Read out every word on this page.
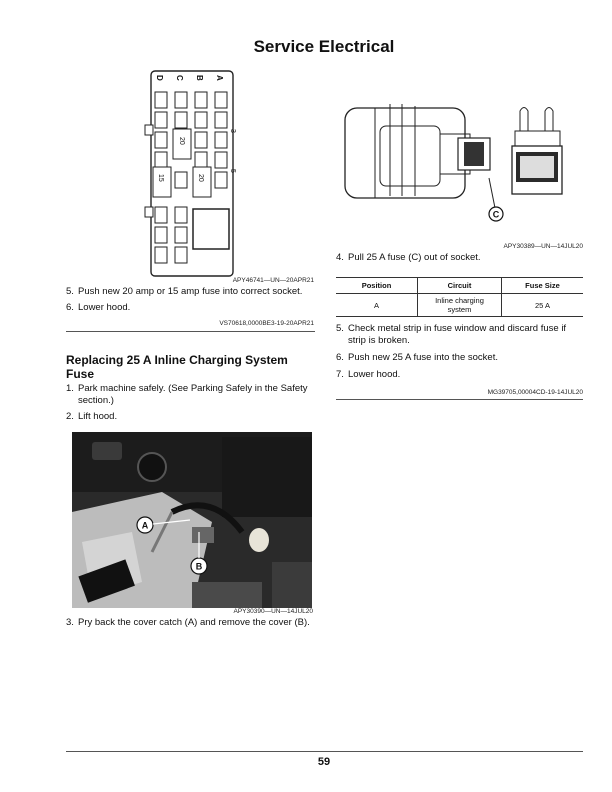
Service Electrical
D C B A
20
15	20
3
5
APY46741—UN—20APR21
5. Push new 20 amp or 15 amp fuse into correct socket.
6. Lower hood.
VS70618,0000BE3-19-20APR21
Replacing 25 A Inline Charging System Fuse
1. Park machine safely. (See Parking Safely in the Safety section.)
2. Lift hood.
A
B
APY30390—UN—14JUL20
3. Pry back the cover catch (A) and remove the cover (B).
C
APY30389—UN—14JUL20
4. Pull 25 A fuse (C) out of socket.
Position	Circuit	Fuse Size
A	Inline charging system	25 A
5. Check metal strip in fuse window and discard fuse if strip is broken.
6. Push new 25 A fuse into the socket.
7. Lower hood.
MG39705,00004CD-19-14JUL20
59
